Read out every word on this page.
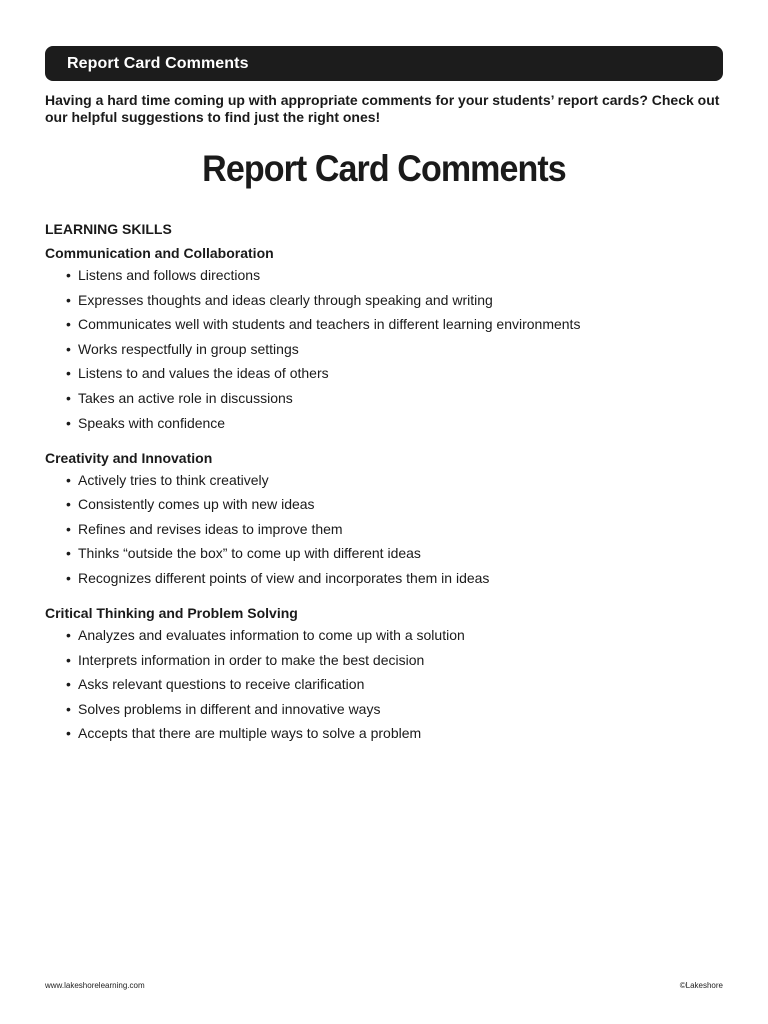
Report Card Comments

Having a hard time coming up with appropriate comments for your students’ report cards? Check out our helpful suggestions to find just the right ones!

Report Card Comments
LEARNING SKILLS
Communication and Collaboration
• Listens and follows directions
• Expresses thoughts and ideas clearly through speaking and writing
• Communicates well with students and teachers in different learning environments
• Works respectfully in group settings
• Listens to and values the ideas of others
• Takes an active role in discussions
• Speaks with confidence
Creativity and Innovation
• Actively tries to think creatively
• Consistently comes up with new ideas
• Refines and revises ideas to improve them
• Thinks “outside the box” to come up with different ideas
• Recognizes different points of view and incorporates them in ideas
Critical Thinking and Problem Solving
• Analyzes and evaluates information to come up with a solution
• Interprets information in order to make the best decision
• Asks relevant questions to receive clarification
• Solves problems in different and innovative ways
• Accepts that there are multiple ways to solve a problem
www.lakeshorelearning.com	©Lakeshore
